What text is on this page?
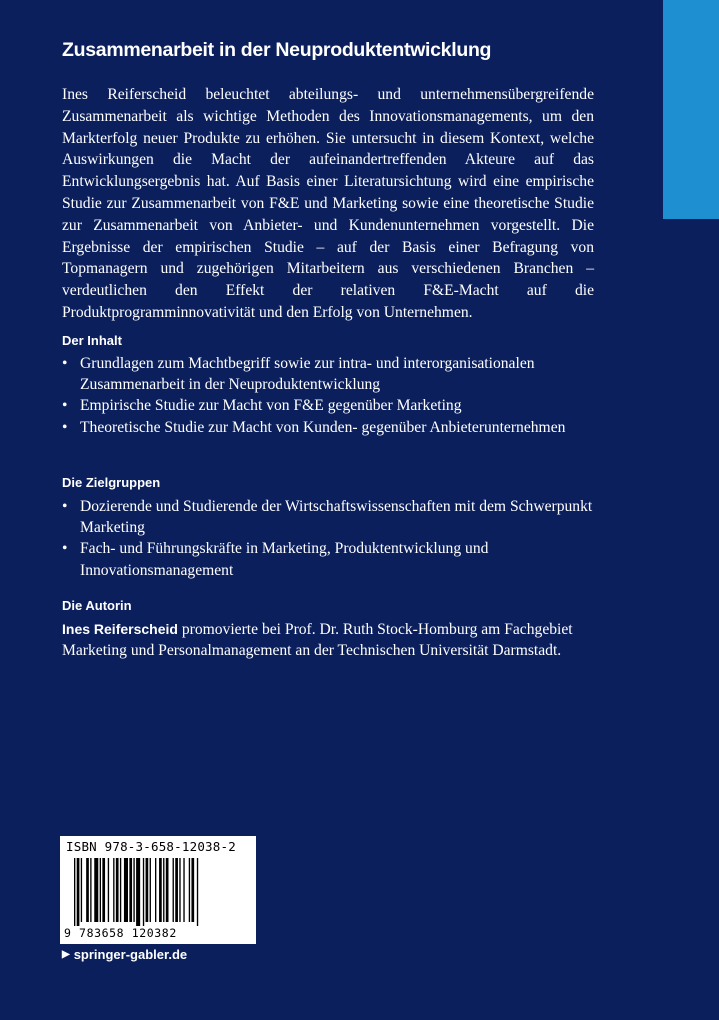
Zusammenarbeit in der Neuproduktentwicklung

Ines Reiferscheid beleuchtet abteilungs- und unternehmensübergreifende Zusammenarbeit als wichtige Methoden des Innovationsmanagements, um den Markterfolg neuer Produkte zu erhöhen. Sie untersucht in diesem Kontext, welche Auswirkungen die Macht der aufeinandertreffenden Akteure auf das Entwicklungsergebnis hat. Auf Basis einer Literatursichtung wird eine empirische Studie zur Zusammenarbeit von F&E und Marketing sowie eine theoretische Studie zur Zusammenarbeit von Anbieter- und Kundenunternehmen vorgestellt. Die Ergebnisse der empirischen Studie – auf der Basis einer Befragung von Topmanagern und zugehörigen Mitarbeitern aus verschiedenen Branchen – verdeutlichen den Effekt der relativen F&E-Macht auf die Produktprogramminnovativität und den Erfolg von Unternehmen.

Der Inhalt
• Grundlagen zum Machtbegriff sowie zur intra- und interorganisationalen Zusammenarbeit in der Neuproduktentwicklung
• Empirische Studie zur Macht von F&E gegenüber Marketing
• Theoretische Studie zur Macht von Kunden- gegenüber Anbieterunternehmen
Die Zielgruppen
• Dozierende und Studierende der Wirtschaftswissenschaften mit dem Schwerpunkt Marketing
• Fach- und Führungskräfte in Marketing, Produktentwicklung und Innovationsmanagement
Die Autorin

Ines Reiferscheid promovierte bei Prof. Dr. Ruth Stock-Homburg am Fachgebiet Marketing und Personalmanagement an der Technischen Universität Darmstadt.

ISBN 978-3-658-12038-2
9 783658 120382
▶ springer-gabler.de
